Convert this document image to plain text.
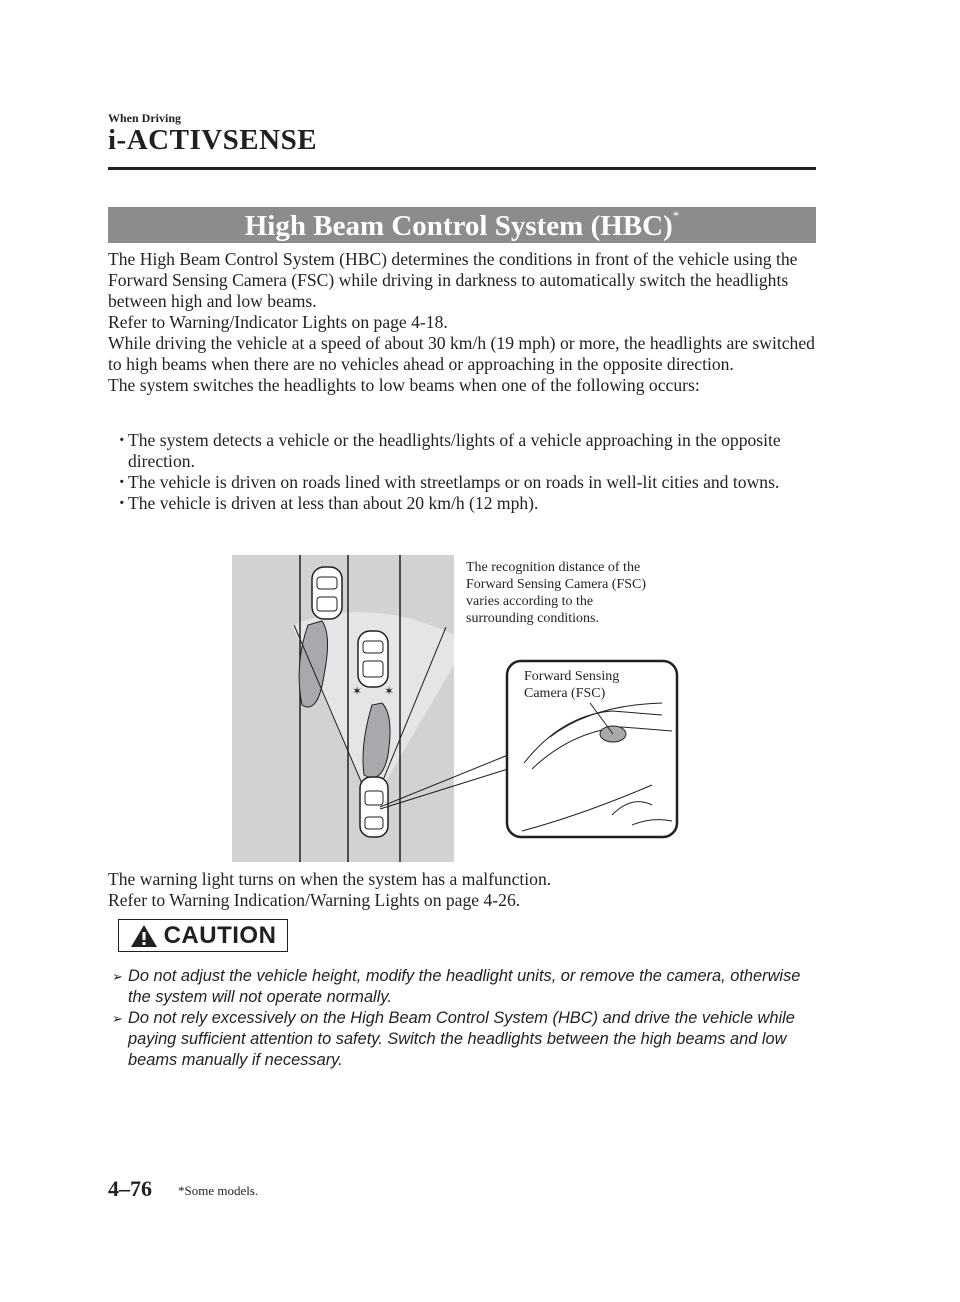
When Driving
i-ACTIVSENSE
High Beam Control System (HBC)*
The High Beam Control System (HBC) determines the conditions in front of the vehicle using the Forward Sensing Camera (FSC) while driving in darkness to automatically switch the headlights between high and low beams.
Refer to Warning/Indicator Lights on page 4-18.
While driving the vehicle at a speed of about 30 km/h (19 mph) or more, the headlights are switched to high beams when there are no vehicles ahead or approaching in the opposite direction.
The system switches the headlights to low beams when one of the following occurs:
・
The system detects a vehicle or the headlights/lights of a vehicle approaching in the opposite direction.
・
The vehicle is driven on roads lined with streetlamps or on roads in well-lit cities and towns.
・
The vehicle is driven at less than about 20 km/h (12 mph).
✶ ✶
The recognition distance of the
Forward Sensing Camera (FSC)
varies according to the
surrounding conditions.
Forward Sensing
Camera (FSC)
The warning light turns on when the system has a malfunction.
Refer to Warning Indication/Warning Lights on page 4-26.
CAUTION
➢ Do not adjust the vehicle height, modify the headlight units, or remove the camera, otherwise the system will not operate normally.
➢ Do not rely excessively on the High Beam Control System (HBC) and drive the vehicle while paying sufficient attention to safety. Switch the headlights between the high beams and low beams manually if necessary.
4–76 *Some models.
